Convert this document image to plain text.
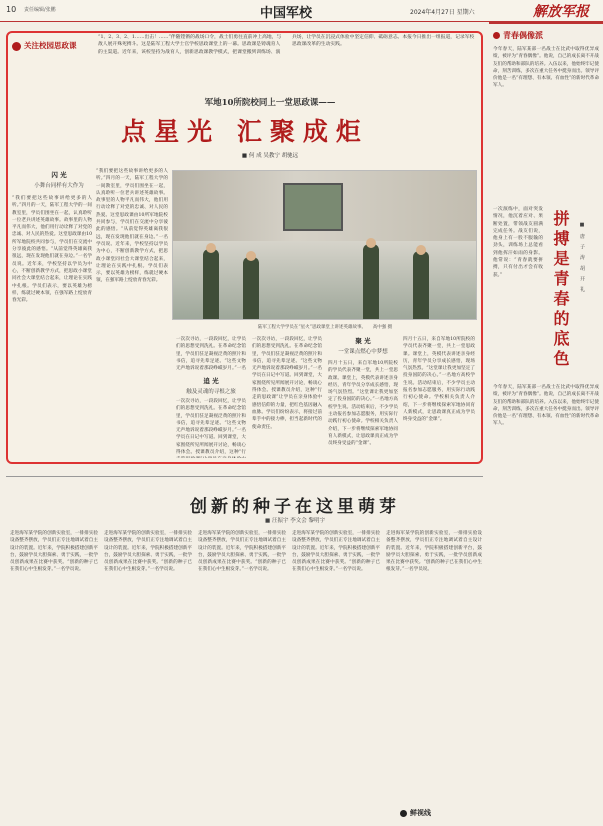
10 责任编辑/张鹏	中国军校	2024年4月27日 星期六	解放军报
关注校园思政课
“1、2、3、2、1……出击！……”伴随铿锵的战场口令，战士们勇往直前冲上高地，与敌人展开殊死搏斗。这是陆军工程大学士官学校思政课堂上的一幕。思政课是铸魂育人的主渠道。近年来，该校坚持为战育人，创新思政课教学模式，把课堂搬到训练场、演兵场，让学员在沉浸式体验中坚定信仰、砥砺意志。本报今日推出一组报道，记录军校思政课改革的生动实践。
军地10所院校同上一堂思政课——
点星光 汇聚成炬
■ 何 成 吴教宁 胡驰远
闪 光
小舞台同样有大作为
“我们要把这些故事讲给更多的人听。”四月的一天，陆军工程大学的一间教室里，学员们围坐在一起，认真聆听一位老兵讲述英雄故事。故事里的人物平凡而伟大，他们用行动诠释了对党的忠诚、对人民的热爱。这堂思政课由10所军地院校共同参与，学员们在交流中分享彼此的感悟。“从前觉得英雄离我很远，现在发现他们就在身边。”一名学员说。近年来，学校坚持以学员为中心，不断创新教学方式，把思政小课堂同社会大课堂结合起来，让理论在实践中扎根。学员们表示，要以英雄为榜样，练就过硬本领，在强军路上绽放青春光彩。
“我们要把这些故事讲给更多的人听。”四月的一天，陆军工程大学的一间教室里，学员们围坐在一起，认真聆听一位老兵讲述英雄故事。故事里的人物平凡而伟大，他们用行动诠释了对党的忠诚、对人民的热爱。这堂思政课由10所军地院校共同参与，学员们在交流中分享彼此的感悟。“从前觉得英雄离我很远，现在发现他们就在身边。”一名学员说。近年来，学校坚持以学员为中心，不断创新教学方式，把思政小课堂同社会大课堂结合起来，让理论在实践中扎根。学员们表示，要以英雄为榜样，练就过硬本领，在强军路上绽放青春光彩。
陆军工程大学学员在“星火”思政课堂上讲述英雄故事。　　高中强 摄
一次次寻访，一段段回忆，让学员们的思想受到洗礼。在革命纪念馆里，学员们驻足凝视泛黄的照片和书信，追寻先辈足迹。“这些文物无声地诉说着那段峥嵘岁月。”一名
追 光
触及灵魂的寻根之旅
一次次寻访，一段段回忆，让学员们的思想受到洗礼。在革命纪念馆里，学员们驻足凝视泛黄的照片和书信，追寻先辈足迹。“这些文物无声地诉说着那段峥嵘岁月。”一名学员在日记中写道。回到课堂，大家围绕所见所闻展开讨论，畅谈心得体会。授课教员介绍，这种“行
一次次寻访，一段段回忆，让学员们的思想受到洗礼。在革命纪念馆里，学员们驻足凝视泛黄的照片和书信，追寻先辈足迹。“这些文物无声地诉说着那段峥嵘岁月。”一名学员在日记中写道。回到课堂，大家围绕所见所闻展开讨论，畅谈心得体会。授课教员介绍，这种“行走的思政课”让学员在亲身体验中感悟信仰的力量，把红色基因融入血脉。学员们纷纷表示，将接过前辈手中的接力棒，担当起新时代的使命责任。
聚 光
一堂课点燃心中梦想
四月十五日，来自军地10所院校的学员代表齐聚一堂，共上一堂思政课。课堂上，英模代表讲述亲身经历，青年学员分享成长感悟，现场气氛热烈。“这堂课让我更加坚定了投身国防的决心。”一名地方高校学生说。活动结束后，不少学员主动报名参加志愿服务，用实际行动践行初心使命。学校相关负责人介绍，下一步将继续探索军地协同育人新模式，让思政课真正成为学员终身受益的“金课”。
四月十五日，来自军地10所院校的学员代表齐聚一堂，共上一堂思政课。课堂上，英模代表讲述亲身经历，青年学员分享成长感悟，现场气氛热烈。“这堂课让我更加坚定了投身国防的决心。”一名地方高校学生说。活动结束后，不少学员主动报名参加志愿服务，用实际行动践行初心使命。学校相关负责人介绍，下一步将继续探索军地协同育人新模式，让思政课真正成为学员终身受益的“金课”。
青春偶像派
今年春天，陆军某部一名战士在比武中取得优异成绩，被评为“青春偶像”。他说，自己的成长离不开战友们的帮助和部队的培养。入伍以来，他始终牢记使命，刻苦训练，多次在重大任务中挺身而出。领导评价他是一名“有理想、有本领、有血性”的新时代革命军人。
拼搏是青春的底色	■ 唐 子 涛 胡 开 礼
一次演练中，面对突发情况，他沉着应对、果断处置，带领战友圆满完成任务。战友们说，他身上有一股不服输的劲头，训练场上总能看到他挥汗如雨的身影。他常说：“青春就要拼搏，只有付出才会有收获。”
今年春天，陆军某部一名战士在比武中取得优异成绩，被评为“青春偶像”。他说，自己的成长离不开战友们的帮助和部队的培养。入伍以来，他始终牢记使命，刻苦训练，多次在重大任务中挺身而出。领导评价他是一名“有理想、有本领、有血性”的新时代革命军人。
创新的种子在这里萌芽
■ 汪振宇 李文会 黎明宇
走进海军某学院的创新实验室，一排排实验设备整齐摆放，学员们正专注地调试着自主设计的装置。近年来，学院积极搭建创新平台，鼓励学员大胆探索、勇于实践，一批学员创新成果在比赛中获奖。“创新的种子已在我们心中生根发芽。”一名学员说。
走进海军某学院的创新实验室，一排排实验设备整齐摆放，学员们正专注地调试着自主设计的装置。近年来，学院积极搭建创新平台，鼓励学员大胆探索、勇于实践，一批学员创新成果在比赛中获奖。“创新的种子已在我们心中生根发芽。”一名学员说。
走进海军某学院的创新实验室，一排排实验设备整齐摆放，学员们正专注地调试着自主设计的装置。近年来，学院积极搭建创新平台，鼓励学员大胆探索、勇于实践，一批学员创新成果在比赛中获奖。“创新的种子已在我们心中生根发芽。”一名学员说。
走进海军某学院的创新实验室，一排排实验设备整齐摆放，学员们正专注地调试着自主设计的装置。近年来，学院积极搭建创新平台，鼓励学员大胆探索、勇于实践，一批学员创新成果在比赛中获奖。“创新的种子已在我们心中生根发芽。”一名学员说。
走进海军某学院的创新实验室，一排排实验设备整齐摆放，学员们正专注地调试着自主设计的装置。近年来，学院积极搭建创新平台，鼓励学员大胆探索、勇于实践，一批学员创新成果在比赛中获奖。“创新的种子已在我们心中生根发芽。”一名学员说。
鲜视线
